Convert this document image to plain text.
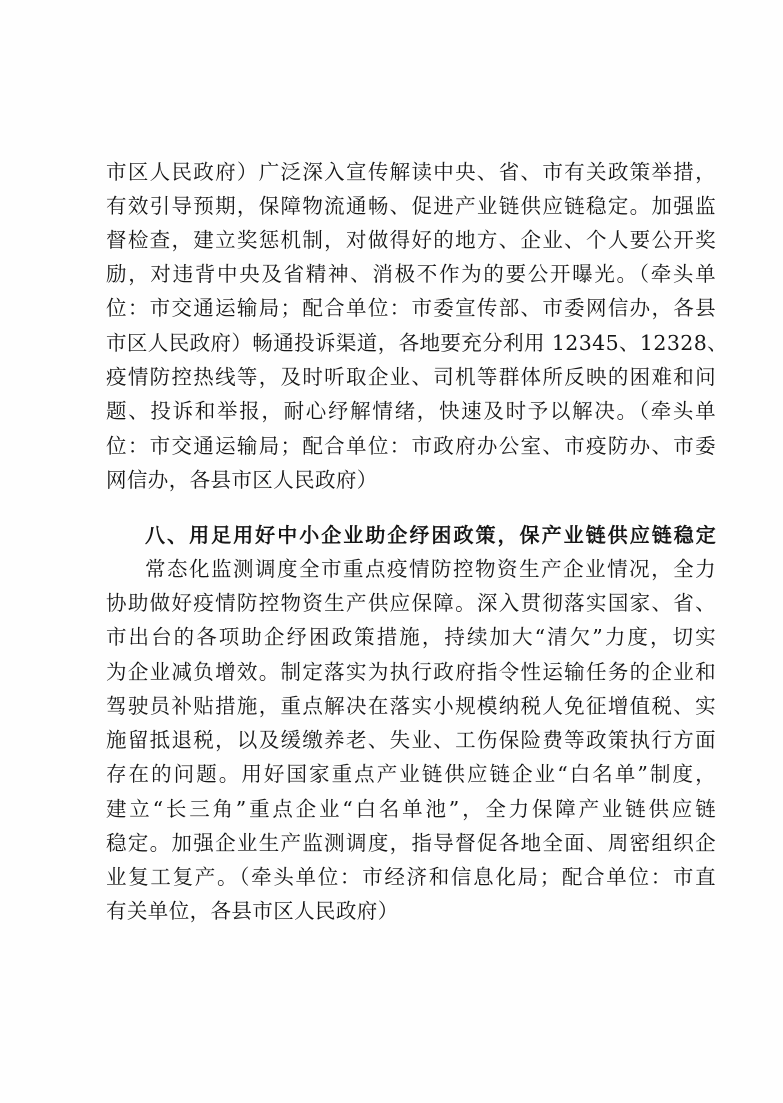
市区人民政府）广泛深入宣传解读中央、省、市有关政策举措，
有效引导预期，保障物流通畅、促进产业链供应链稳定。加强监
督检查，建立奖惩机制，对做得好的地方、企业、个人要公开奖
励，对违背中央及省精神、消极不作为的要公开曝光。（牵头单
位：市交通运输局；配合单位：市委宣传部、市委网信办，各县
市区人民政府）畅通投诉渠道，各地要充分利用 12345、12328、
疫情防控热线等，及时听取企业、司机等群体所反映的困难和问
题、投诉和举报，耐心纾解情绪，快速及时予以解决。（牵头单
位：市交通运输局；配合单位：市政府办公室、市疫防办、市委
网信办，各县市区人民政府）
八、用足用好中小企业助企纾困政策，保产业链供应链稳定
常态化监测调度全市重点疫情防控物资生产企业情况，全力
协助做好疫情防控物资生产供应保障。深入贯彻落实国家、省、
市出台的各项助企纾困政策措施，持续加大“清欠”力度，切实
为企业减负增效。制定落实为执行政府指令性运输任务的企业和
驾驶员补贴措施，重点解决在落实小规模纳税人免征增值税、实
施留抵退税，以及缓缴养老、失业、工伤保险费等政策执行方面
存在的问题。用好国家重点产业链供应链企业“白名单”制度，
建立“长三角”重点企业“白名单池”，全力保障产业链供应链
稳定。加强企业生产监测调度，指导督促各地全面、周密组织企
业复工复产。（牵头单位：市经济和信息化局；配合单位：市直
有关单位，各县市区人民政府）
